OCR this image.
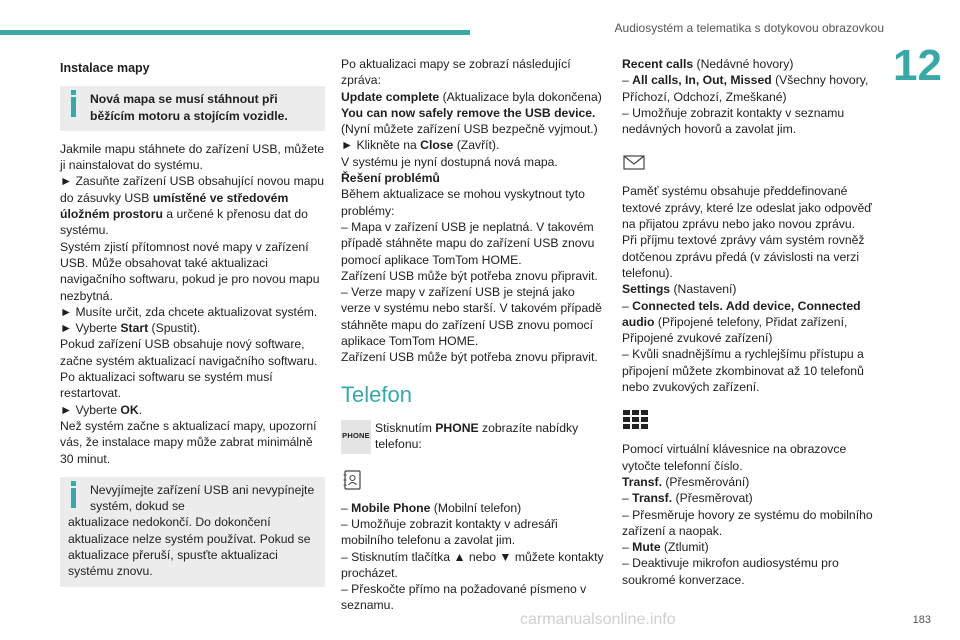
Audiosystém a telematika s dotykovou obrazovkou
12
carmanualsonline.info	183

Instalace mapy

Nová mapa se musí stáhnout při běžícím motoru a stojícím vozidle.

Jakmile mapu stáhnete do zařízení USB, můžete ji nainstalovat do systému.

► Zasuňte zařízení USB obsahující novou mapu do zásuvky USB umístěné ve středovém úložném prostoru a určené k přenosu dat do systému.

Systém zjistí přítomnost nové mapy v zařízení USB. Může obsahovat také aktualizaci navigačního softwaru, pokud je pro novou mapu nezbytná.

► Musíte určit, zda chcete aktualizovat systém.

► Vyberte Start (Spustit).

Pokud zařízení USB obsahuje nový software, začne systém aktualizací navigačního softwaru.

Po aktualizaci softwaru se systém musí restartovat.

► Vyberte OK.

Než systém začne s aktualizací mapy, upozorní vás, že instalace mapy může zabrat minimálně 30 minut.

Nevyjímejte zařízení USB ani nevypínejte systém, dokud se
aktualizace nedokončí. Do dokončení aktualizace nelze systém používat. Pokud se aktualizace přeruší, spusťte aktualizaci systému znovu.

Po aktualizaci mapy se zobrazí následující zpráva:

Update complete (Aktualizace byla dokončena)

You can now safely remove the USB device. (Nyní můžete zařízení USB bezpečně vyjmout.)

► Klikněte na Close (Zavřít).

V systému je nyní dostupná nová mapa.

Řešení problémů

Během aktualizace se mohou vyskytnout tyto problémy:

– Mapa v zařízení USB je neplatná. V takovém případě stáhněte mapu do zařízení USB znovu pomocí aplikace TomTom HOME.

Zařízení USB může být potřeba znovu připravit.

– Verze mapy v zařízení USB je stejná jako verze v systému nebo starší. V takovém případě stáhněte mapu do zařízení USB znovu pomocí aplikace TomTom HOME.

Zařízení USB může být potřeba znovu připravit.

Telefon
PHONE

Stisknutím PHONE zobrazíte nabídky telefonu:

– Mobile Phone (Mobilní telefon)

– Umožňuje zobrazit kontakty v adresáři mobilního telefonu a zavolat jim.

– Stisknutím tlačítka ▲ nebo ▼ můžete kontakty procházet.

– Přeskočte přímo na požadované písmeno v seznamu.

Recent calls (Nedávné hovory)

– All calls, In, Out, Missed (Všechny hovory, Příchozí, Odchozí, Zmeškané)

– Umožňuje zobrazit kontakty v seznamu nedávných hovorů a zavolat jim.

Paměť systému obsahuje předdefinované textové zprávy, které lze odeslat jako odpověď na přijatou zprávu nebo jako novou zprávu.

Při příjmu textové zprávy vám systém rovněž dotčenou zprávu předá (v závislosti na verzi telefonu).

Settings (Nastavení)

– Connected tels. Add device, Connected audio (Připojené telefony, Přidat zařízení, Připojené zvukové zařízení)

– Kvůli snadnějšímu a rychlejšímu přístupu a připojení můžete zkombinovat až 10 telefonů nebo zvukových zařízení.

Pomocí virtuální klávesnice na obrazovce vytočte telefonní číslo.

Transf. (Přesměrování)

– Transf. (Přesměrovat)

– Přesměruje hovory ze systému do mobilního zařízení a naopak.

– Mute (Ztlumit)

– Deaktivuje mikrofon audiosystému pro soukromé konverzace.
